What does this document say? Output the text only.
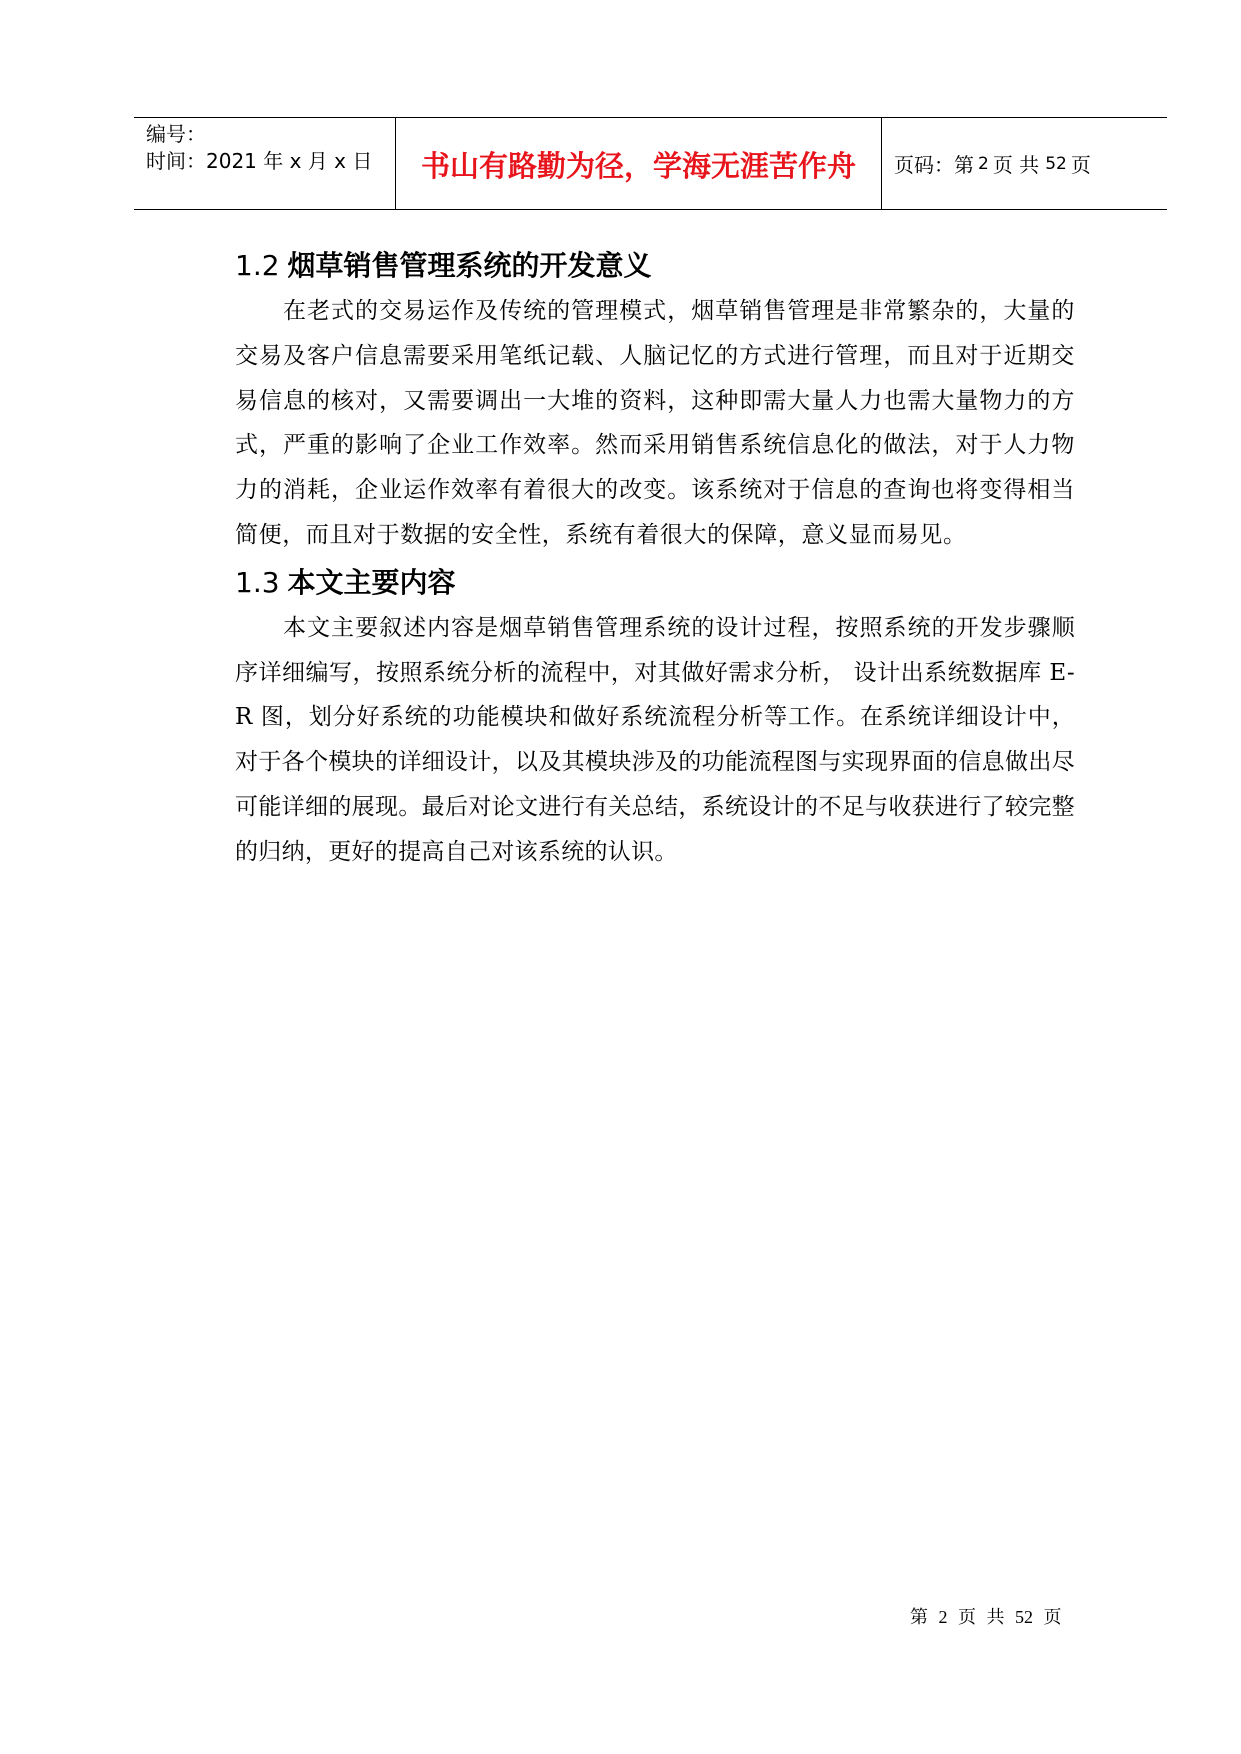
编号：
时间：2021 年 x 月 x 日	书山有路勤为径，学海无涯苦作舟 页码：第 2 页 共 52 页
1.2 烟草销售管理系统的开发意义

在老式的交易运作及传统的管理模式，烟草销售管理是非常繁杂的，大量的交易及客户信息需要采用笔纸记载、人脑记忆的方式进行管理，而且对于近期交易信息的核对，又需要调出一大堆的资料，这种即需大量人力也需大量物力的方式，严重的影响了企业工作效率。然而采用销售系统信息化的做法，对于人力物力的消耗，企业运作效率有着很大的改变。该系统对于信息的查询也将变得相当简便，而且对于数据的安全性，系统有着很大的保障，意义显而易见。

1.3 本文主要内容

本文主要叙述内容是烟草销售管理系统的设计过程，按照系统的开发步骤顺序详细编写，按照系统分析的流程中，对其做好需求分析， 设计出系统数据库 E-R 图，划分好系统的功能模块和做好系统流程分析等工作。在系统详细设计中，对于各个模块的详细设计，以及其模块涉及的功能流程图与实现界面的信息做出尽可能详细的展现。最后对论文进行有关总结，系统设计的不足与收获进行了较完整的归纳，更好的提高自己对该系统的认识。

第 2 页 共 52 页
